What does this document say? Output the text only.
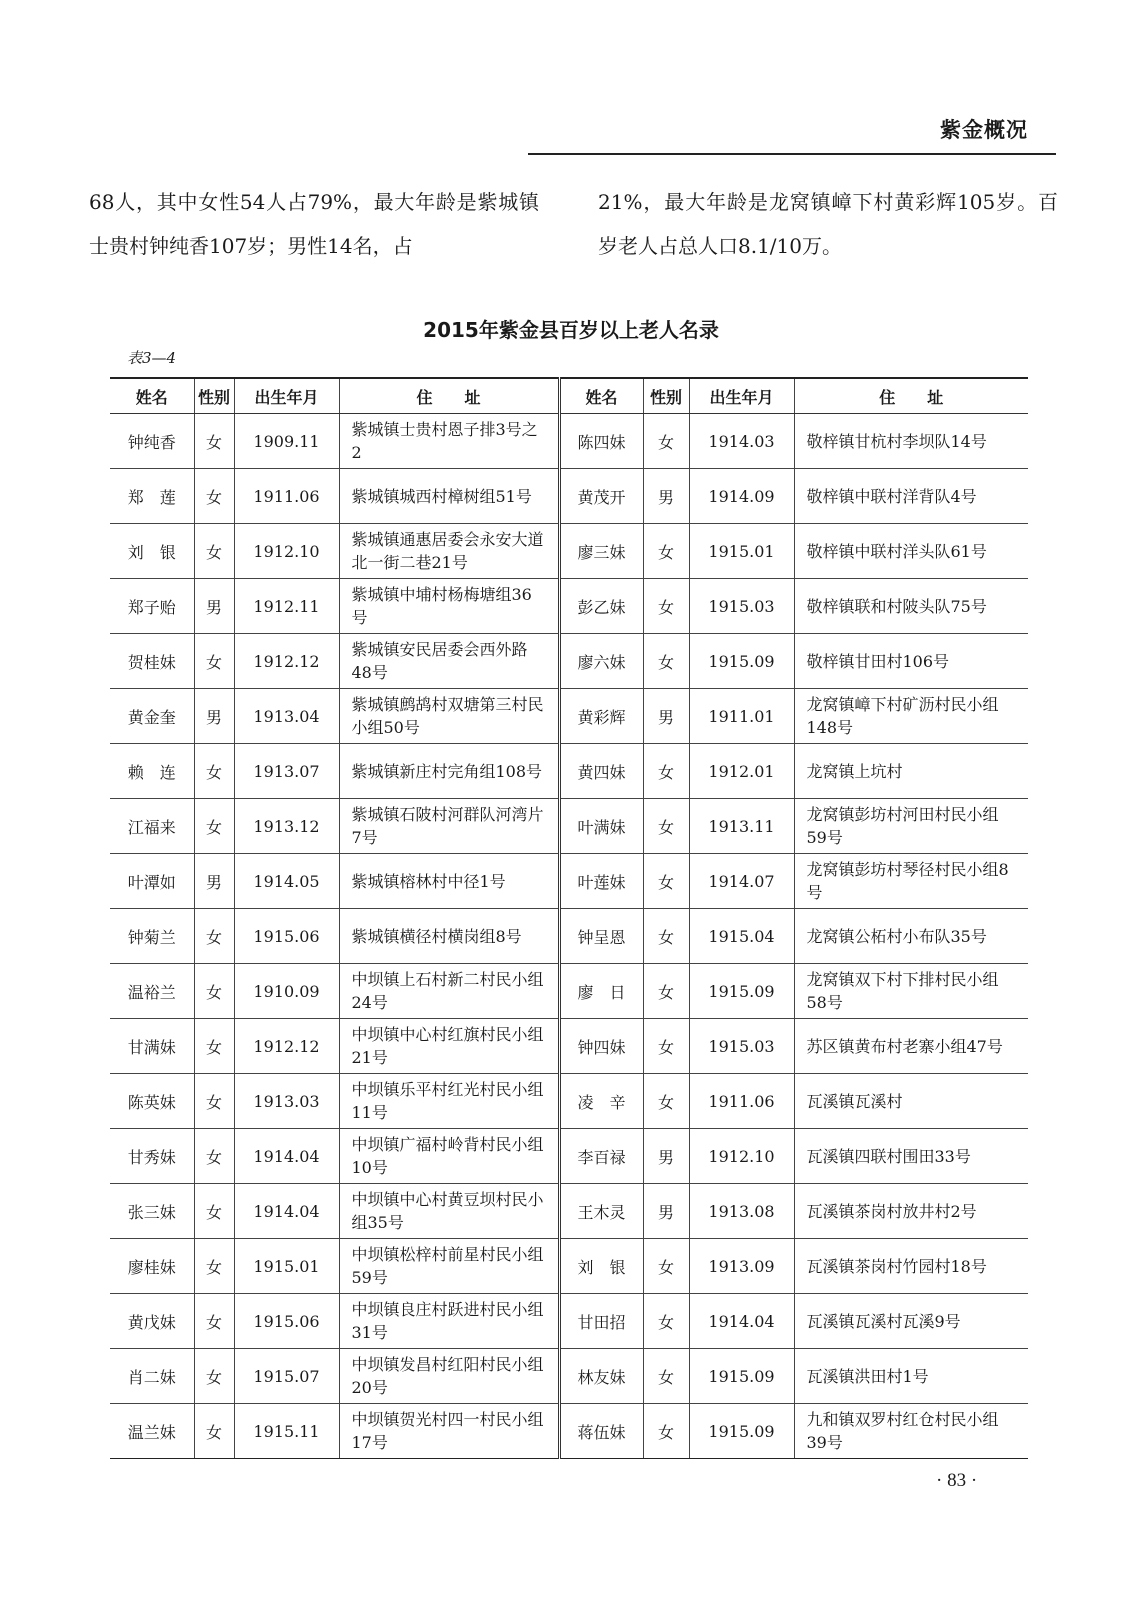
紫金概况
68人，其中女性54人占79%，最大年龄是紫城镇士贵村钟纯香107岁；男性14名，占
21%，最大年龄是龙窝镇嶂下村黄彩辉105岁。百岁老人占总人口8.1/10万。
2015年紫金县百岁以上老人名录
表3—4
姓名	性别	出生年月	住　　址	姓名	性别	出生年月	住　　址
钟纯香	女	1909.11	紫城镇士贵村恩子排3号之2	陈四妹	女	1914.03	敬梓镇甘杭村李坝队14号
郑　莲	女	1911.06	紫城镇城西村樟树组51号	黄茂开	男	1914.09	敬梓镇中联村洋背队4号
刘　银	女	1912.10	紫城镇通惠居委会永安大道北一街二巷21号	廖三妹	女	1915.01	敬梓镇中联村洋头队61号
郑子贻	男	1912.11	紫城镇中埔村杨梅塘组36号	彭乙妹	女	1915.03	敬梓镇联和村陂头队75号
贺桂妹	女	1912.12	紫城镇安民居委会西外路48号	廖六妹	女	1915.09	敬梓镇甘田村106号
黄金奎	男	1913.04	紫城镇鹧鸪村双塘第三村民小组50号	黄彩辉	男	1911.01	龙窝镇嶂下村矿沥村民小组148号
赖　连	女	1913.07	紫城镇新庄村完角组108号	黄四妹	女	1912.01	龙窝镇上坑村
江福来	女	1913.12	紫城镇石陂村河群队河湾片7号	叶满妹	女	1913.11	龙窝镇彭坊村河田村民小组59号
叶潭如	男	1914.05	紫城镇榕林村中径1号	叶莲妹	女	1914.07	龙窝镇彭坊村琴径村民小组8号
钟菊兰	女	1915.06	紫城镇横径村横岗组8号	钟呈恩	女	1915.04	龙窝镇公柘村小布队35号
温裕兰	女	1910.09	中坝镇上石村新二村民小组24号	廖　日	女	1915.09	龙窝镇双下村下排村民小组58号
甘满妹	女	1912.12	中坝镇中心村红旗村民小组21号	钟四妹	女	1915.03	苏区镇黄布村老寨小组47号
陈英妹	女	1913.03	中坝镇乐平村红光村民小组11号	凌　辛	女	1911.06	瓦溪镇瓦溪村
甘秀妹	女	1914.04	中坝镇广福村岭背村民小组10号	李百禄	男	1912.10	瓦溪镇四联村围田33号
张三妹	女	1914.04	中坝镇中心村黄豆坝村民小组35号	王木灵	男	1913.08	瓦溪镇茶岗村放井村2号
廖桂妹	女	1915.01	中坝镇松梓村前星村民小组59号	刘　银	女	1913.09	瓦溪镇茶岗村竹园村18号
黄戊妹	女	1915.06	中坝镇良庄村跃进村民小组31号	甘田招	女	1914.04	瓦溪镇瓦溪村瓦溪9号
肖二妹	女	1915.07	中坝镇发昌村红阳村民小组20号	林友妹	女	1915.09	瓦溪镇洪田村1号
温兰妹	女	1915.11	中坝镇贺光村四一村民小组17号	蒋伍妹	女	1915.09	九和镇双罗村红仓村民小组39号
· 83 ·
